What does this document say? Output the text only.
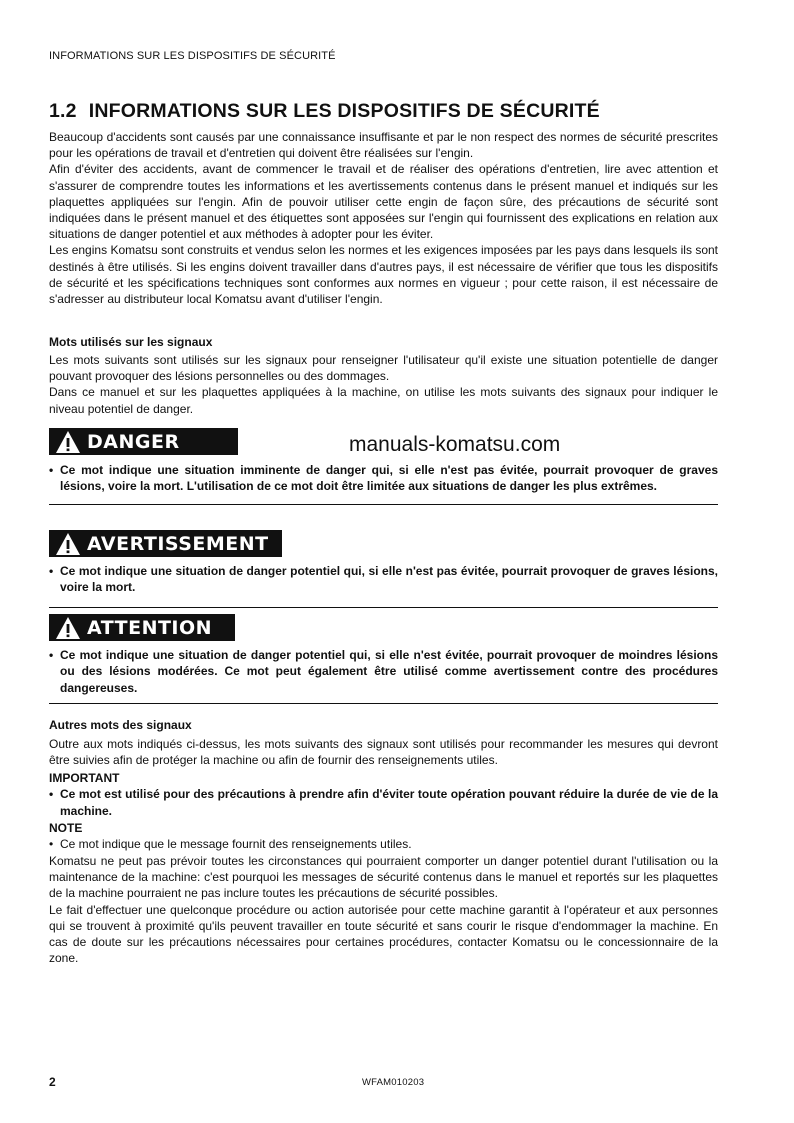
INFORMATIONS SUR LES DISPOSITIFS DE SÉCURITÉ
1.2 INFORMATIONS SUR LES DISPOSITIFS DE SÉCURITÉ

Beaucoup d'accidents sont causés par une connaissance insuffisante et par le non respect des normes de sécurité prescrites pour les opérations de travail et d'entretien qui doivent être réalisées sur l'engin.

Afin d'éviter des accidents, avant de commencer le travail et de réaliser des opérations d'entretien, lire avec attention et s'assurer de comprendre toutes les informations et les avertissements contenus dans le présent manuel et indiqués sur les plaquettes appliquées sur l'engin. Afin de pouvoir utiliser cette engin de façon sûre, des précautions de sécurité sont indiquées dans le présent manuel et des étiquettes sont apposées sur l'engin qui fournissent des explications en relation aux situations de danger potentiel et aux méthodes à adopter pour les éviter.

Les engins Komatsu sont construits et vendus selon les normes et les exigences imposées par les pays dans lesquels ils sont destinés à être utilisés. Si les engins doivent travailler dans d'autres pays, il est nécessaire de vérifier que tous les dispositifs de sécurité et les spécifications techniques sont conformes aux normes en vigueur ; pour cette raison, il est nécessaire de s'adresser au distributeur local Komatsu avant d'utiliser l'engin.

Mots utilisés sur les signaux

Les mots suivants sont utilisés sur les signaux pour renseigner l'utilisateur qu'il existe une situation potentielle de danger pouvant provoquer des lésions personnelles ou des dommages.

Dans ce manuel et sur les plaquettes appliquées à la machine, on utilise les mots suivants des signaux pour indiquer le niveau potentiel de danger.

manuals-komatsu.com
DANGER
• Ce mot indique une situation imminente de danger qui, si elle n'est pas évitée, pourrait provoquer de graves lésions, voire la mort. L'utilisation de ce mot doit être limitée aux situations de danger les plus extrêmes.
AVERTISSEMENT
• Ce mot indique une situation de danger potentiel qui, si elle n'est pas évitée, pourrait provoquer de graves lésions, voire la mort.
ATTENTION
• Ce mot indique une situation de danger potentiel qui, si elle n'est évitée, pourrait provoquer de moindres lésions ou des lésions modérées. Ce mot peut également être utilisé comme avertissement contre des procédures dangereuses.

Autres mots des signaux

Outre aux mots indiqués ci-dessus, les mots suivants des signaux sont utilisés pour recommander les mesures qui devront être suivies afin de protéger la machine ou afin de fournir des renseignements utiles.

IMPORTANT

• Ce mot est utilisé pour des précautions à prendre afin d'éviter toute opération pouvant réduire la durée de vie de la machine.

NOTE

• Ce mot indique que le message fournit des renseignements utiles.

Komatsu ne peut pas prévoir toutes les circonstances qui pourraient comporter un danger potentiel durant l'utilisation ou la maintenance de la machine: c'est pourquoi les messages de sécurité contenus dans le manuel et reportés sur les plaquettes de la machine pourraient ne pas inclure toutes les précautions de sécurité possibles.

Le fait d'effectuer une quelconque procédure ou action autorisée pour cette machine garantit à l'opérateur et aux personnes qui se trouvent à proximité qu'ils peuvent travailler en toute sécurité et sans courir le risque d'endommager la machine. En cas de doute sur les précautions nécessaires pour certaines procédures, contacter Komatsu ou le concessionnaire de la zone.

2	WFAM010203
